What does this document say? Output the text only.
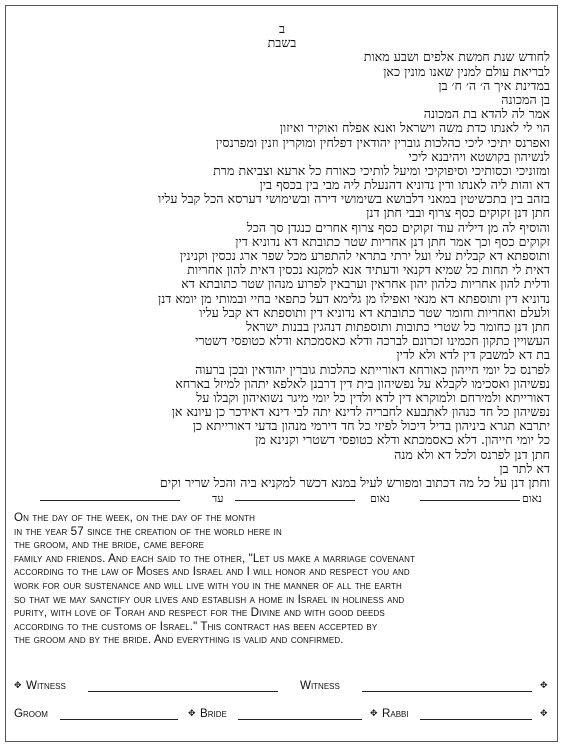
ב
בשבת
לחודש שנת חמשת אלפים ושבע מאות
לבריאת עולם למנין שאנו מונין כאן
במדינת איך ה׳ ה׳ ח׳ בן
בן המכונה
אמר לה להדא בת המכונה
הוי לי לאנתו כדת משה וישראל ואנא אפלח ואוקיר ואיזון
ואפרנס יתיכי ליכי כהלכות גוברין יהודאין דפלחין ומוקרין וזנין ומפרנסין
לנשיהון בקושטא ויהיבנא ליכי
ומזוניכי וכסותיכי וסיפוקיכי ומיעל לותיכי כאורח כל ארעא וצביאת מרת
דא והות ליה לאנתו ודין נדוניא דהנעלת ליה מבי בין בכסף בין
בזהב בין בתכשיטין במאני דלבושא בשימושי דירה ובשימושי דערסא הכל קבל עליו
חתן דנן זקוקים כסף צרוף ובבי חתן דנן
והוסיף לה מן דיליה עוד זקוקים כסף צרוף אחרים כנגדן סך הכל
זקוקים כסף וכך אמר חתן דנן אחריות שטר כתובתא דא נדוניא דין
ותוספתא דא קבלית עלי ועל ירתי בתראי להתפרע מכל שפר ארג נכסין וקנינין
דאית לי תחות כל שמיא דקנאי ודעתיד אנא למקנא נכסין דאית להון אחריות
ודלית להון אחריות כלהון יהון אחראין וערבאין לפרוע מנהון שטר כתובתא דא
נדוניא דין ותוספתא דא מנאי ואפילו מן גלימא דעל כתפאי בחיי ובמותי מן יומא דנן
ולעלם ואחריות וחומר שטר כתובתא דא נדוניא דין ותוספתא דא קבל עליו
חתן דנן כחומר כל שטרי כתובות ותוספתות דנהגין בבנות ישראל
העשויין כתקון חכמינו זכרונם לברכה ודלא כאסמכתא ודלא כטופסי דשטרי
בת דא למשבק דין לדא ולא לדין
לפרנס כל יומי חייהון כאורחא דאורייתא כהלכות גוברין יהודאין ובכן ברעוה
נפשיהון ואסכימו לקבלא על נפשיהון בית דין דרבנן לאלפא יתהון למיזל בארחא
דאורייתא ולמירחם ולמוקרא דין לדא ולדין כל יומי מיגר נשואיהון וקבלו על
נפשיהון כל חד כנהון לאתבעא לחבריה לדינא יתה לבי דינא דאידכר כן עיונא אן
יתרבא תגרא ביניהון בדיל דיכול לפיזי כל חד דירמי מנהון בדעי דאורייתא כן
כל יומי חייהון. דלא כאסמכתא ודלא כטופסי דשטרי וקנינא מן
חתן דנן לפרנס ולכל דא ולא מנה
דא לתר בן
וחתן דנן על כל מה דכתוב ומפורש לעיל במנא דכשר למקניא ביה והכל שריר וקים
עד	נאום	נאום
On the day of the week, on the day of the month
in the year 57 since the creation of the world here in
the groom, and the bride, came before
family and friends. And each said to the other, "Let us make a marriage covenant
according to the law of Moses and Israel and I will honor and respect you and
work for our sustenance and will live with you in the manner of all the earth
so that we may sanctify our lives and establish a home in Israel in holiness and
purity, with love of Torah and respect for the Divine and with good deeds
according to the customs of Israel." This contract has been accepted by
the groom and by the bride. And everything is valid and confirmed.
✥ Witness	Witness	✥
Groom	✥ Bride	✥ Rabbi	✥
